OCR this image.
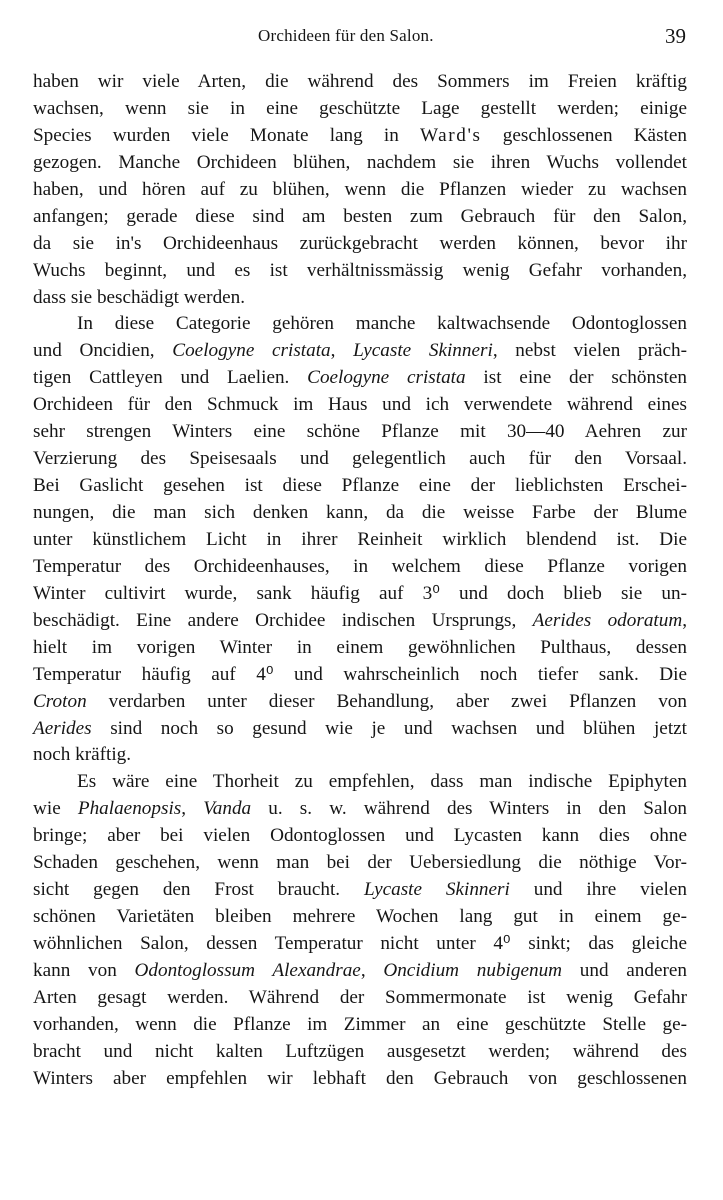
Orchideen für den Salon.	39
haben wir viele Arten, die während des Sommers im Freien kräftig
wachsen, wenn sie in eine geschützte Lage gestellt werden; einige
Species wurden viele Monate lang in Ward's geschlossenen Kästen
gezogen. Manche Orchideen blühen, nachdem sie ihren Wuchs vollendet
haben, und hören auf zu blühen, wenn die Pflanzen wieder zu wachsen
anfangen; gerade diese sind am besten zum Gebrauch für den Salon,
da sie in's Orchideenhaus zurückgebracht werden können, bevor ihr
Wuchs beginnt, und es ist verhältnissmässig wenig Gefahr vorhanden,
dass sie beschädigt werden.
In diese Categorie gehören manche kaltwachsende Odontoglossen
und Oncidien, Coelogyne cristata, Lycaste Skinneri, nebst vielen präch-
tigen Cattleyen und Laelien. Coelogyne cristata ist eine der schönsten
Orchideen für den Schmuck im Haus und ich verwendete während eines
sehr strengen Winters eine schöne Pflanze mit 30—40 Aehren zur
Verzierung des Speisesaals und gelegentlich auch für den Vorsaal.
Bei Gaslicht gesehen ist diese Pflanze eine der lieblichsten Erschei-
nungen, die man sich denken kann, da die weisse Farbe der Blume
unter künstlichem Licht in ihrer Reinheit wirklich blendend ist. Die
Temperatur des Orchideenhauses, in welchem diese Pflanze vorigen
Winter cultivirt wurde, sank häufig auf 3⁰ und doch blieb sie un-
beschädigt. Eine andere Orchidee indischen Ursprungs, Aerides odoratum,
hielt im vorigen Winter in einem gewöhnlichen Pulthaus, dessen
Temperatur häufig auf 4⁰ und wahrscheinlich noch tiefer sank. Die
Croton verdarben unter dieser Behandlung, aber zwei Pflanzen von
Aerides sind noch so gesund wie je und wachsen und blühen jetzt
noch kräftig.
Es wäre eine Thorheit zu empfehlen, dass man indische Epiphyten
wie Phalaenopsis, Vanda u. s. w. während des Winters in den Salon
bringe; aber bei vielen Odontoglossen und Lycasten kann dies ohne
Schaden geschehen, wenn man bei der Uebersiedlung die nöthige Vor-
sicht gegen den Frost braucht. Lycaste Skinneri und ihre vielen
schönen Varietäten bleiben mehrere Wochen lang gut in einem ge-
wöhnlichen Salon, dessen Temperatur nicht unter 4⁰ sinkt; das gleiche
kann von Odontoglossum Alexandrae, Oncidium nubigenum und anderen
Arten gesagt werden. Während der Sommermonate ist wenig Gefahr
vorhanden, wenn die Pflanze im Zimmer an eine geschützte Stelle ge-
bracht und nicht kalten Luftzügen ausgesetzt werden; während des
Winters aber empfehlen wir lebhaft den Gebrauch von geschlossenen
